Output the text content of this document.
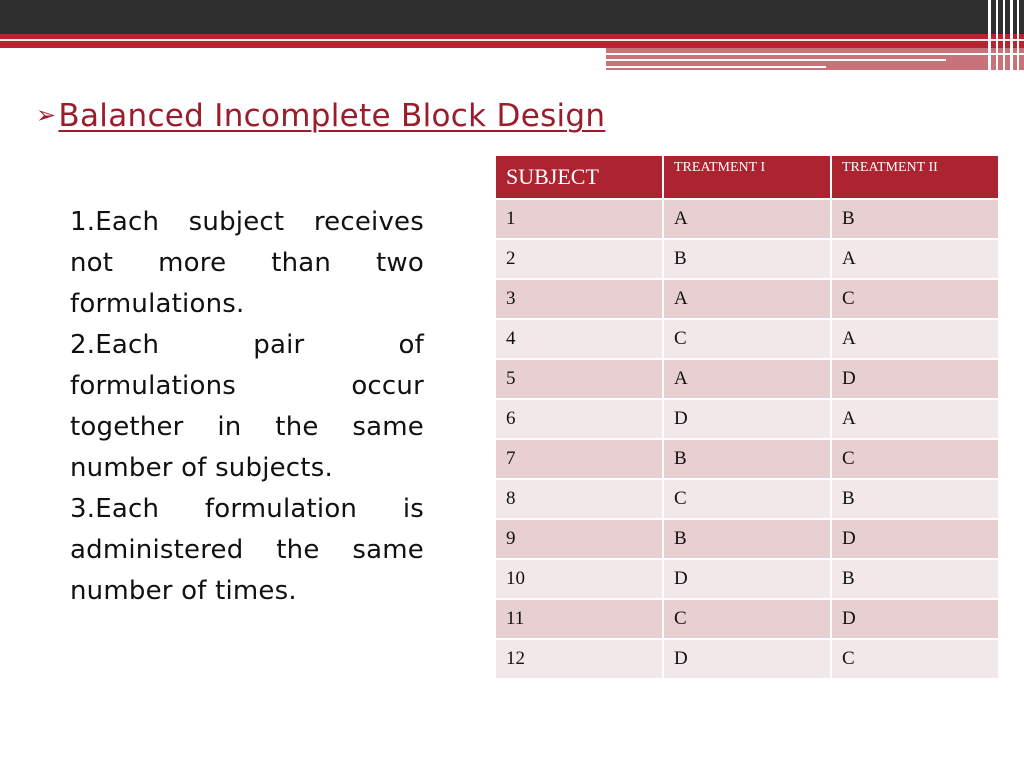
➢Balanced Incomplete Block Design

1.Each subject receives not more than two formulations.

2.Each pair of formulations occur together in the same number of subjects.

3.Each formulation is administered the same number of times.

SUBJECT	TREATMENT I	TREATMENT II
1	A	B
2	B	A
3	A	C
4	C	A
5	A	D
6	D	A
7	B	C
8	C	B
9	B	D
10	D	B
11	C	D
12	D	C
